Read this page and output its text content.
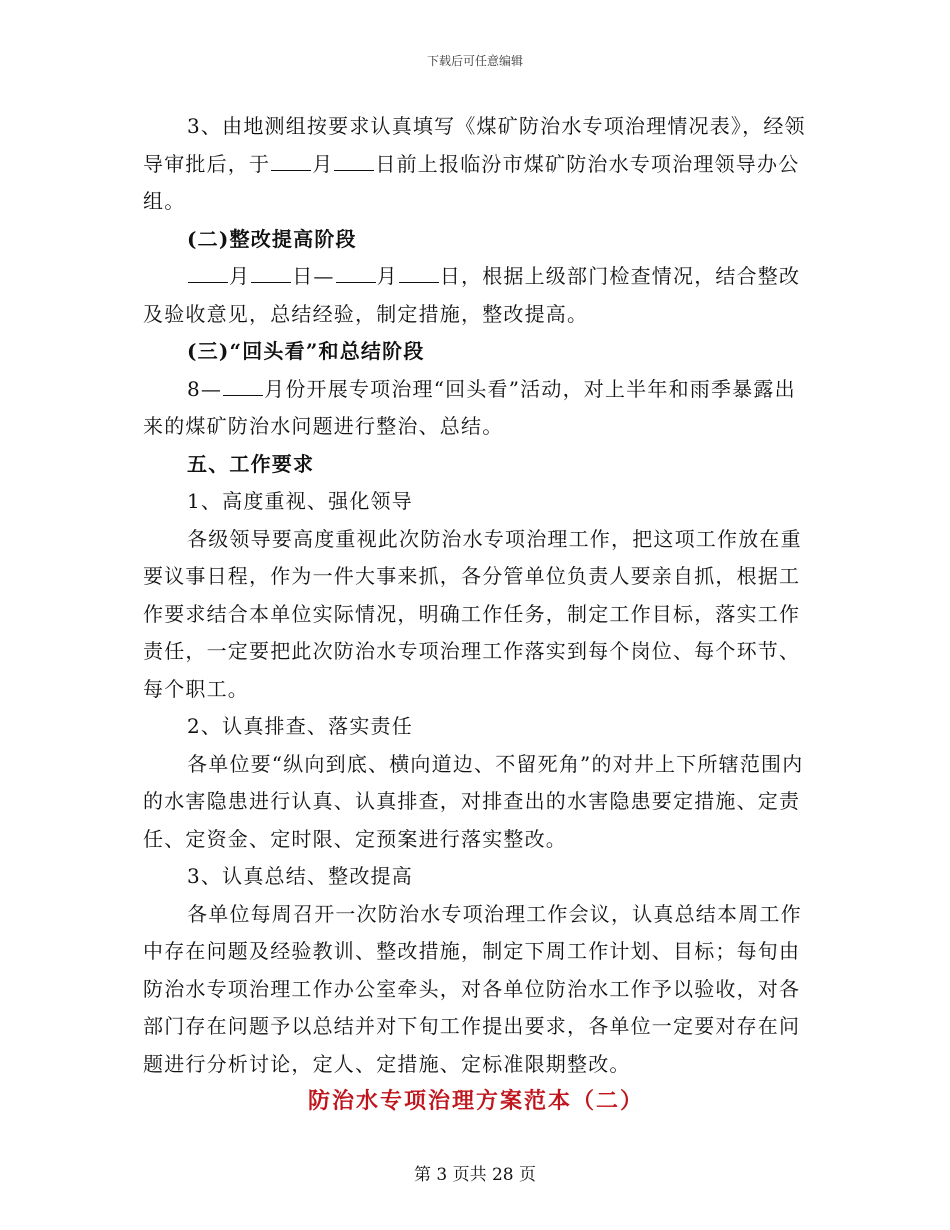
下载后可任意编辑

3、由地测组按要求认真填写《煤矿防治水专项治理情况表》，经领导审批后，于 月 日前上报临汾市煤矿防治水专项治理领导办公组。

(二)整改提高阶段

月 日— 月 日，根据上级部门检查情况，结合整改及验收意见，总结经验，制定措施，整改提高。

(三)“回头看”和总结阶段

8— 月份开展专项治理“回头看”活动，对上半年和雨季暴露出来的煤矿防治水问题进行整治、总结。

五、工作要求

1、高度重视、强化领导

各级领导要高度重视此次防治水专项治理工作，把这项工作放在重要议事日程，作为一件大事来抓，各分管单位负责人要亲自抓，根据工作要求结合本单位实际情况，明确工作任务，制定工作目标，落实工作责任，一定要把此次防治水专项治理工作落实到每个岗位、每个环节、每个职工。

2、认真排查、落实责任

各单位要“纵向到底、横向道边、不留死角”的对井上下所辖范围内的水害隐患进行认真、认真排查，对排查出的水害隐患要定措施、定责任、定资金、定时限、定预案进行落实整改。

3、认真总结、整改提高

各单位每周召开一次防治水专项治理工作会议，认真总结本周工作中存在问题及经验教训、整改措施，制定下周工作计划、目标；每旬由防治水专项治理工作办公室牵头，对各单位防治水工作予以验收，对各部门存在问题予以总结并对下旬工作提出要求，各单位一定要对存在问题进行分析讨论，定人、定措施、定标准限期整改。

防治水专项治理方案范本（二）

第 3 页共 28 页
